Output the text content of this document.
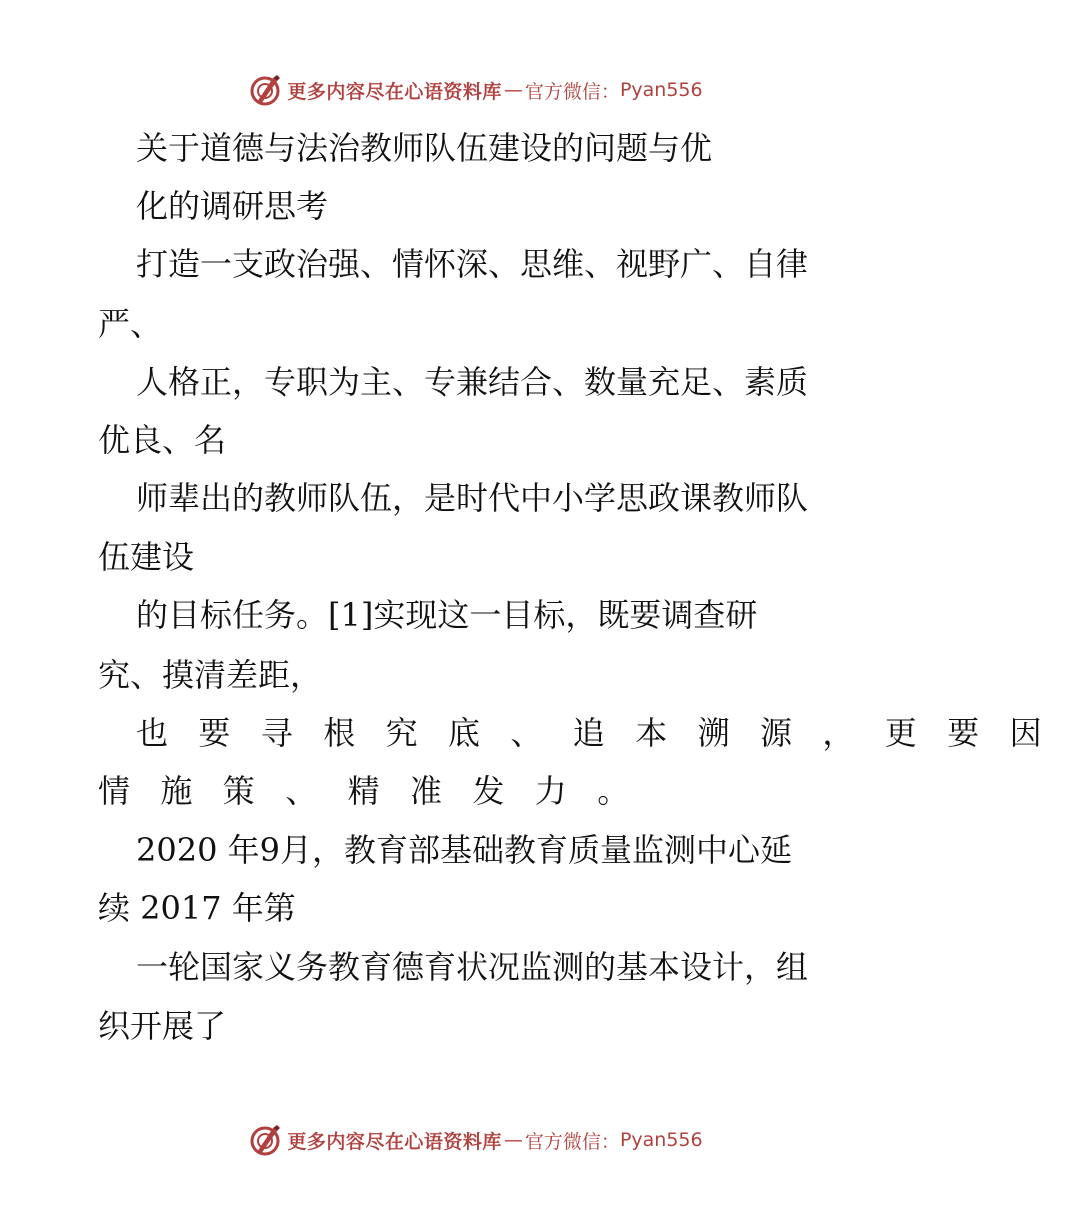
更多内容尽在心语资料库 — 官方微信： Pyan556
关于道德与法治教师队伍建设的问题与优
化的调研思考
打造一支政治强、情怀深、思维、视野广、自律
严、
人格正，专职为主、专兼结合、数量充足、素质
优良、名
师辈出的教师队伍，是时代中小学思政课教师队
伍建设
的目标任务。[1]实现这一目标，既要调查研
究、摸清差距，
也要寻根究底、追本溯源，更要因
情施策、精准发力。
2020 年9月，教育部基础教育质量监测中心延
续 2017 年第
一轮国家义务教育德育状况监测的基本设计，组
织开展了
更多内容尽在心语资料库 — 官方微信： Pyan556
